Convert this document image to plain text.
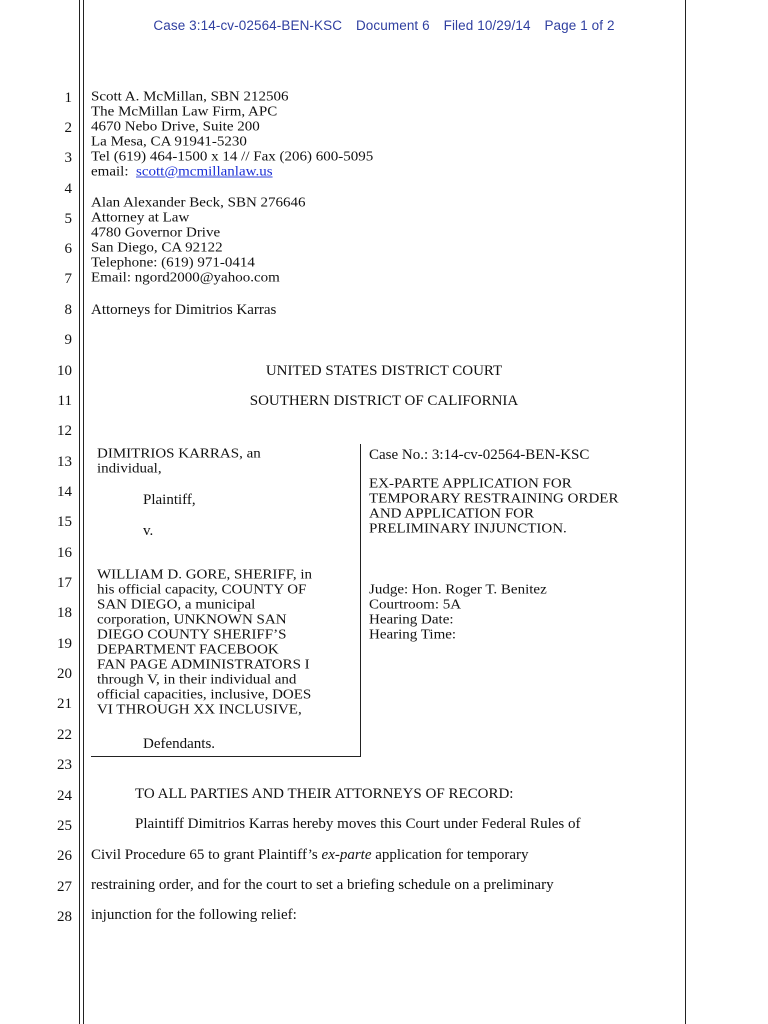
Case 3:14-cv-02564-BEN-KSC Document 6 Filed 10/29/14 Page 1 of 2
1
2
3
4
5
6
7
8
9
10
11
12
13
14
15
16
17
18
19
20
21
22
23
24
25
26
27
28
Scott A. McMillan, SBN 212506
The McMillan Law Firm, APC
4670 Nebo Drive, Suite 200
La Mesa, CA 91941-5230
Tel (619) 464-1500 x 14 // Fax (206) 600-5095
email: scott@mcmillanlaw.us
Alan Alexander Beck, SBN 276646
Attorney at Law
4780 Governor Drive
San Diego, CA 92122
Telephone: (619) 971-0414
Email: ngord2000@yahoo.com
Attorneys for Dimitrios Karras
UNITED STATES DISTRICT COURT
SOUTHERN DISTRICT OF CALIFORNIA
DIMITRIOS KARRAS, an
individual,
Plaintiff,
v.
WILLIAM D. GORE, SHERIFF, in
his official capacity, COUNTY OF
SAN DIEGO, a municipal
corporation, UNKNOWN SAN
DIEGO COUNTY SHERIFF’S
DEPARTMENT FACEBOOK
FAN PAGE ADMINISTRATORS I
through V, in their individual and
official capacities, inclusive, DOES
VI THROUGH XX INCLUSIVE,
Defendants.
Case No.: 3:14-cv-02564-BEN-KSC
EX-PARTE APPLICATION FOR
TEMPORARY RESTRAINING ORDER
AND APPLICATION FOR
PRELIMINARY INJUNCTION.
Judge: Hon. Roger T. Benitez
Courtroom: 5A
Hearing Date:
Hearing Time:
TO ALL PARTIES AND THEIR ATTORNEYS OF RECORD:
Plaintiff Dimitrios Karras hereby moves this Court under Federal Rules of
Civil Procedure 65 to grant Plaintiff’s ex-parte application for temporary
restraining order, and for the court to set a briefing schedule on a preliminary
injunction for the following relief:
